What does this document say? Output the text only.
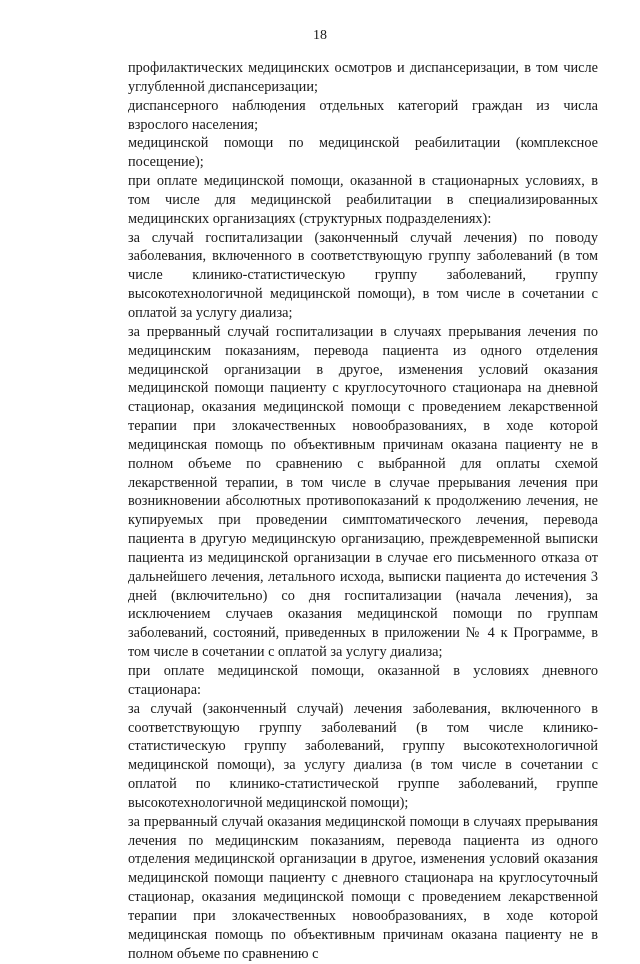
18

профилактических медицинских осмотров и диспансеризации, в том числе углубленной диспансеризации;

диспансерного наблюдения отдельных категорий граждан из числа взрослого населения;

медицинской помощи по медицинской реабилитации (комплексное посещение);

при оплате медицинской помощи, оказанной в стационарных условиях, в том числе для медицинской реабилитации в специализированных медицинских организациях (структурных подразделениях):

за случай госпитализации (законченный случай лечения) по поводу заболевания, включенного в соответствующую группу заболеваний (в том числе клинико-статистическую группу заболеваний, группу высокотехнологичной медицинской помощи), в том числе в сочетании с оплатой за услугу диализа;

за прерванный случай госпитализации в случаях прерывания лечения по медицинским показаниям, перевода пациента из одного отделения медицинской организации в другое, изменения условий оказания медицинской помощи пациенту с круглосуточного стационара на дневной стационар, оказания медицинской помощи с проведением лекарственной терапии при злокачественных новообразованиях, в ходе которой медицинская помощь по объективным причинам оказана пациенту не в полном объеме по сравнению с выбранной для оплаты схемой лекарственной терапии, в том числе в случае прерывания лечения при возникновении абсолютных противопоказаний к продолжению лечения, не купируемых при проведении симптоматического лечения, перевода пациента в другую медицинскую организацию, преждевременной выписки пациента из медицинской организации в случае его письменного отказа от дальнейшего лечения, летального исхода, выписки пациента до истечения 3 дней (включительно) со дня госпитализации (начала лечения), за исключением случаев оказания медицинской помощи по группам заболеваний, состояний, приведенных в приложении № 4 к Программе, в том числе в сочетании с оплатой за услугу диализа;

при оплате медицинской помощи, оказанной в условиях дневного стационара:

за случай (законченный случай) лечения заболевания, включенного в соответствующую группу заболеваний (в том числе клинико-статистическую группу заболеваний, группу высокотехнологичной медицинской помощи), за услугу диализа (в том числе в сочетании с оплатой по клинико-статистической группе заболеваний, группе высокотехнологичной медицинской помощи);

за прерванный случай оказания медицинской помощи в случаях прерывания лечения по медицинским показаниям, перевода пациента из одного отделения медицинской организации в другое, изменения условий оказания медицинской помощи пациенту с дневного стационара на круглосуточный стационар, оказания медицинской помощи с проведением лекарственной терапии при злокачественных новообразованиях, в ходе которой медицинская помощь по объективным причинам оказана пациенту не в полном объеме по сравнению с
